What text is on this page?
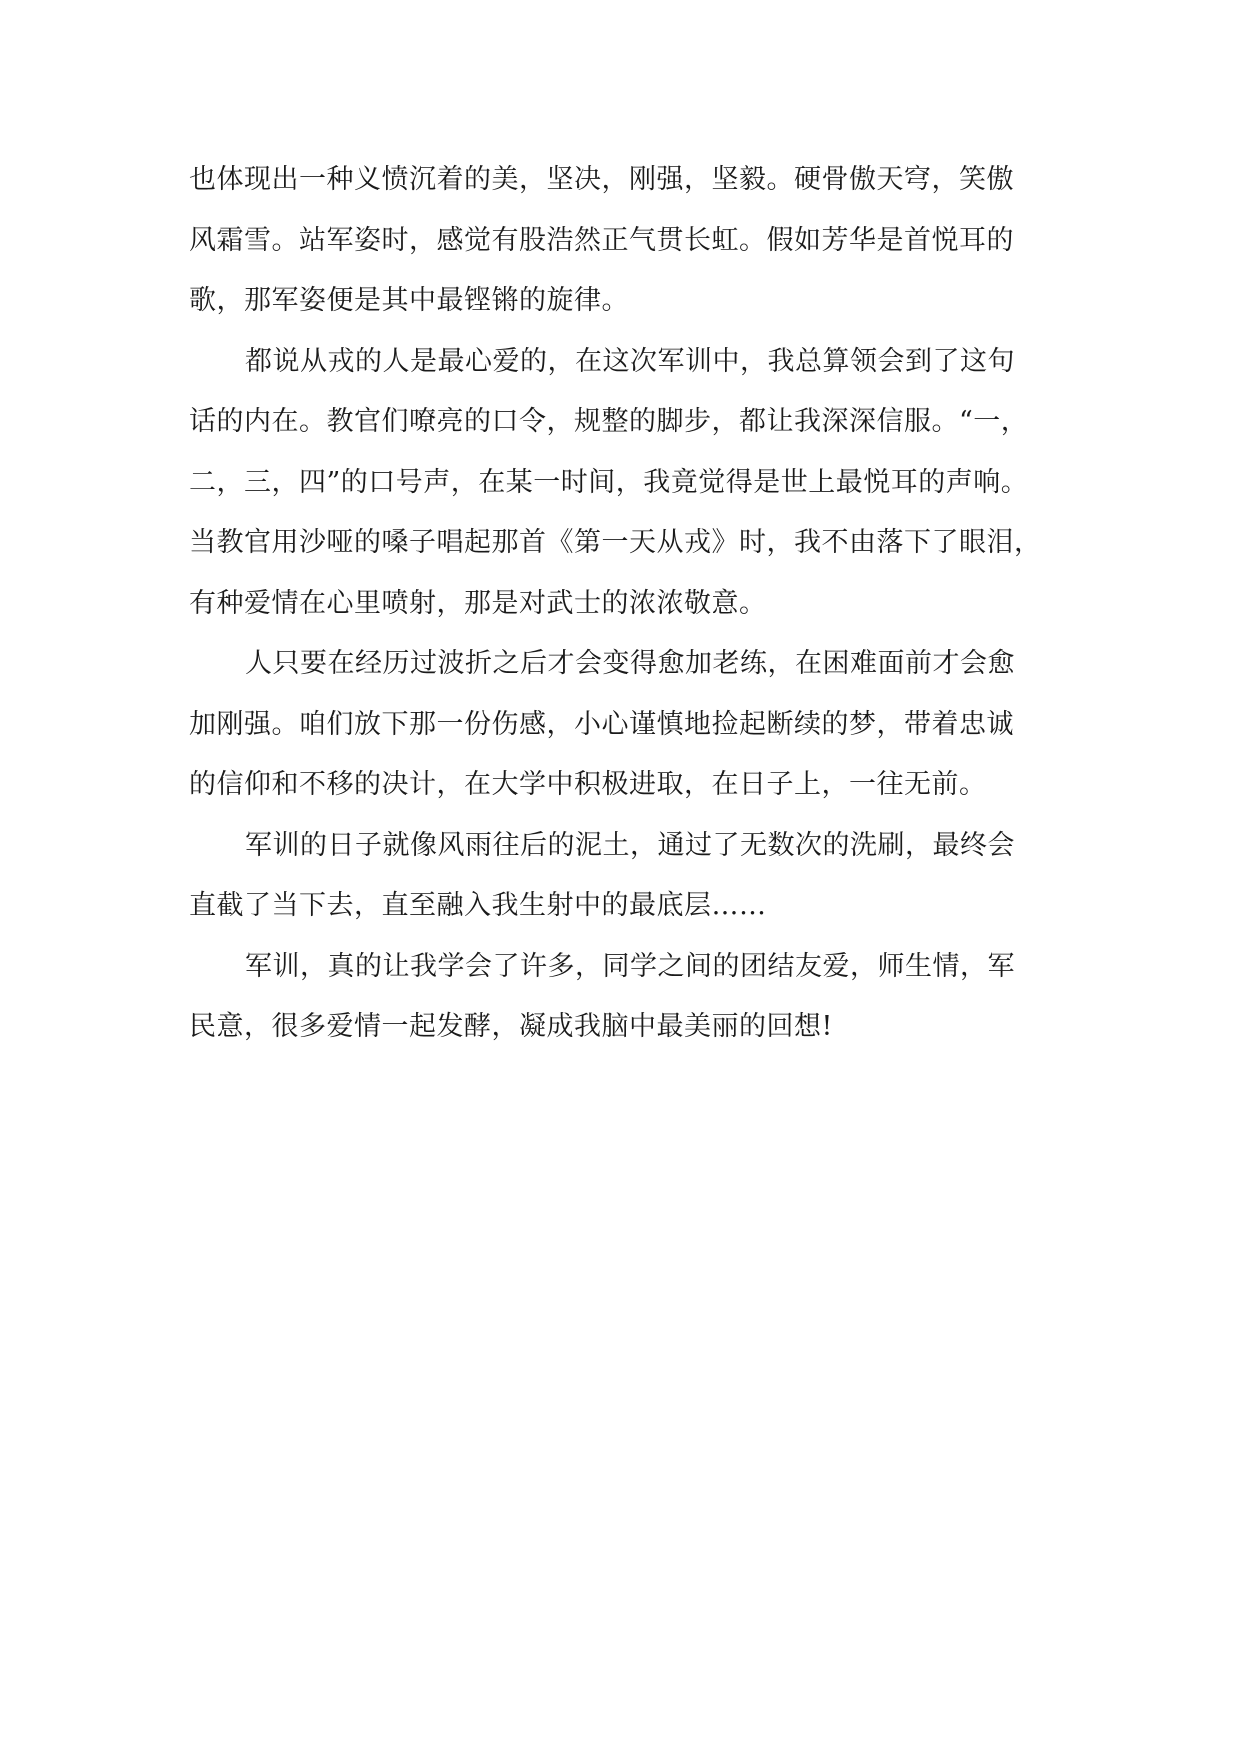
也体现出一种义愤沉着的美，坚决，刚强，坚毅。硬骨傲天穹，笑傲
风霜雪。站军姿时，感觉有股浩然正气贯长虹。假如芳华是首悦耳的
歌，那军姿便是其中最铿锵的旋律。

都说从戎的人是最心爱的，在这次军训中，我总算领会到了这句
话的内在。教官们嘹亮的口令，规整的脚步，都让我深深信服。“一，
二，三，四”的口号声，在某一时间，我竟觉得是世上最悦耳的声响。
当教官用沙哑的嗓子唱起那首《第一天从戎》时，我不由落下了眼泪，
有种爱情在心里喷射，那是对武士的浓浓敬意。

人只要在经历过波折之后才会变得愈加老练，在困难面前才会愈
加刚强。咱们放下那一份伤感，小心谨慎地捡起断续的梦，带着忠诚
的信仰和不移的决计，在大学中积极进取，在日子上，一往无前。

军训的日子就像风雨往后的泥土，通过了无数次的洗刷，最终会
直截了当下去，直至融入我生射中的最底层……

军训，真的让我学会了许多，同学之间的团结友爱，师生情，军
民意，很多爱情一起发酵，凝成我脑中最美丽的回想!
